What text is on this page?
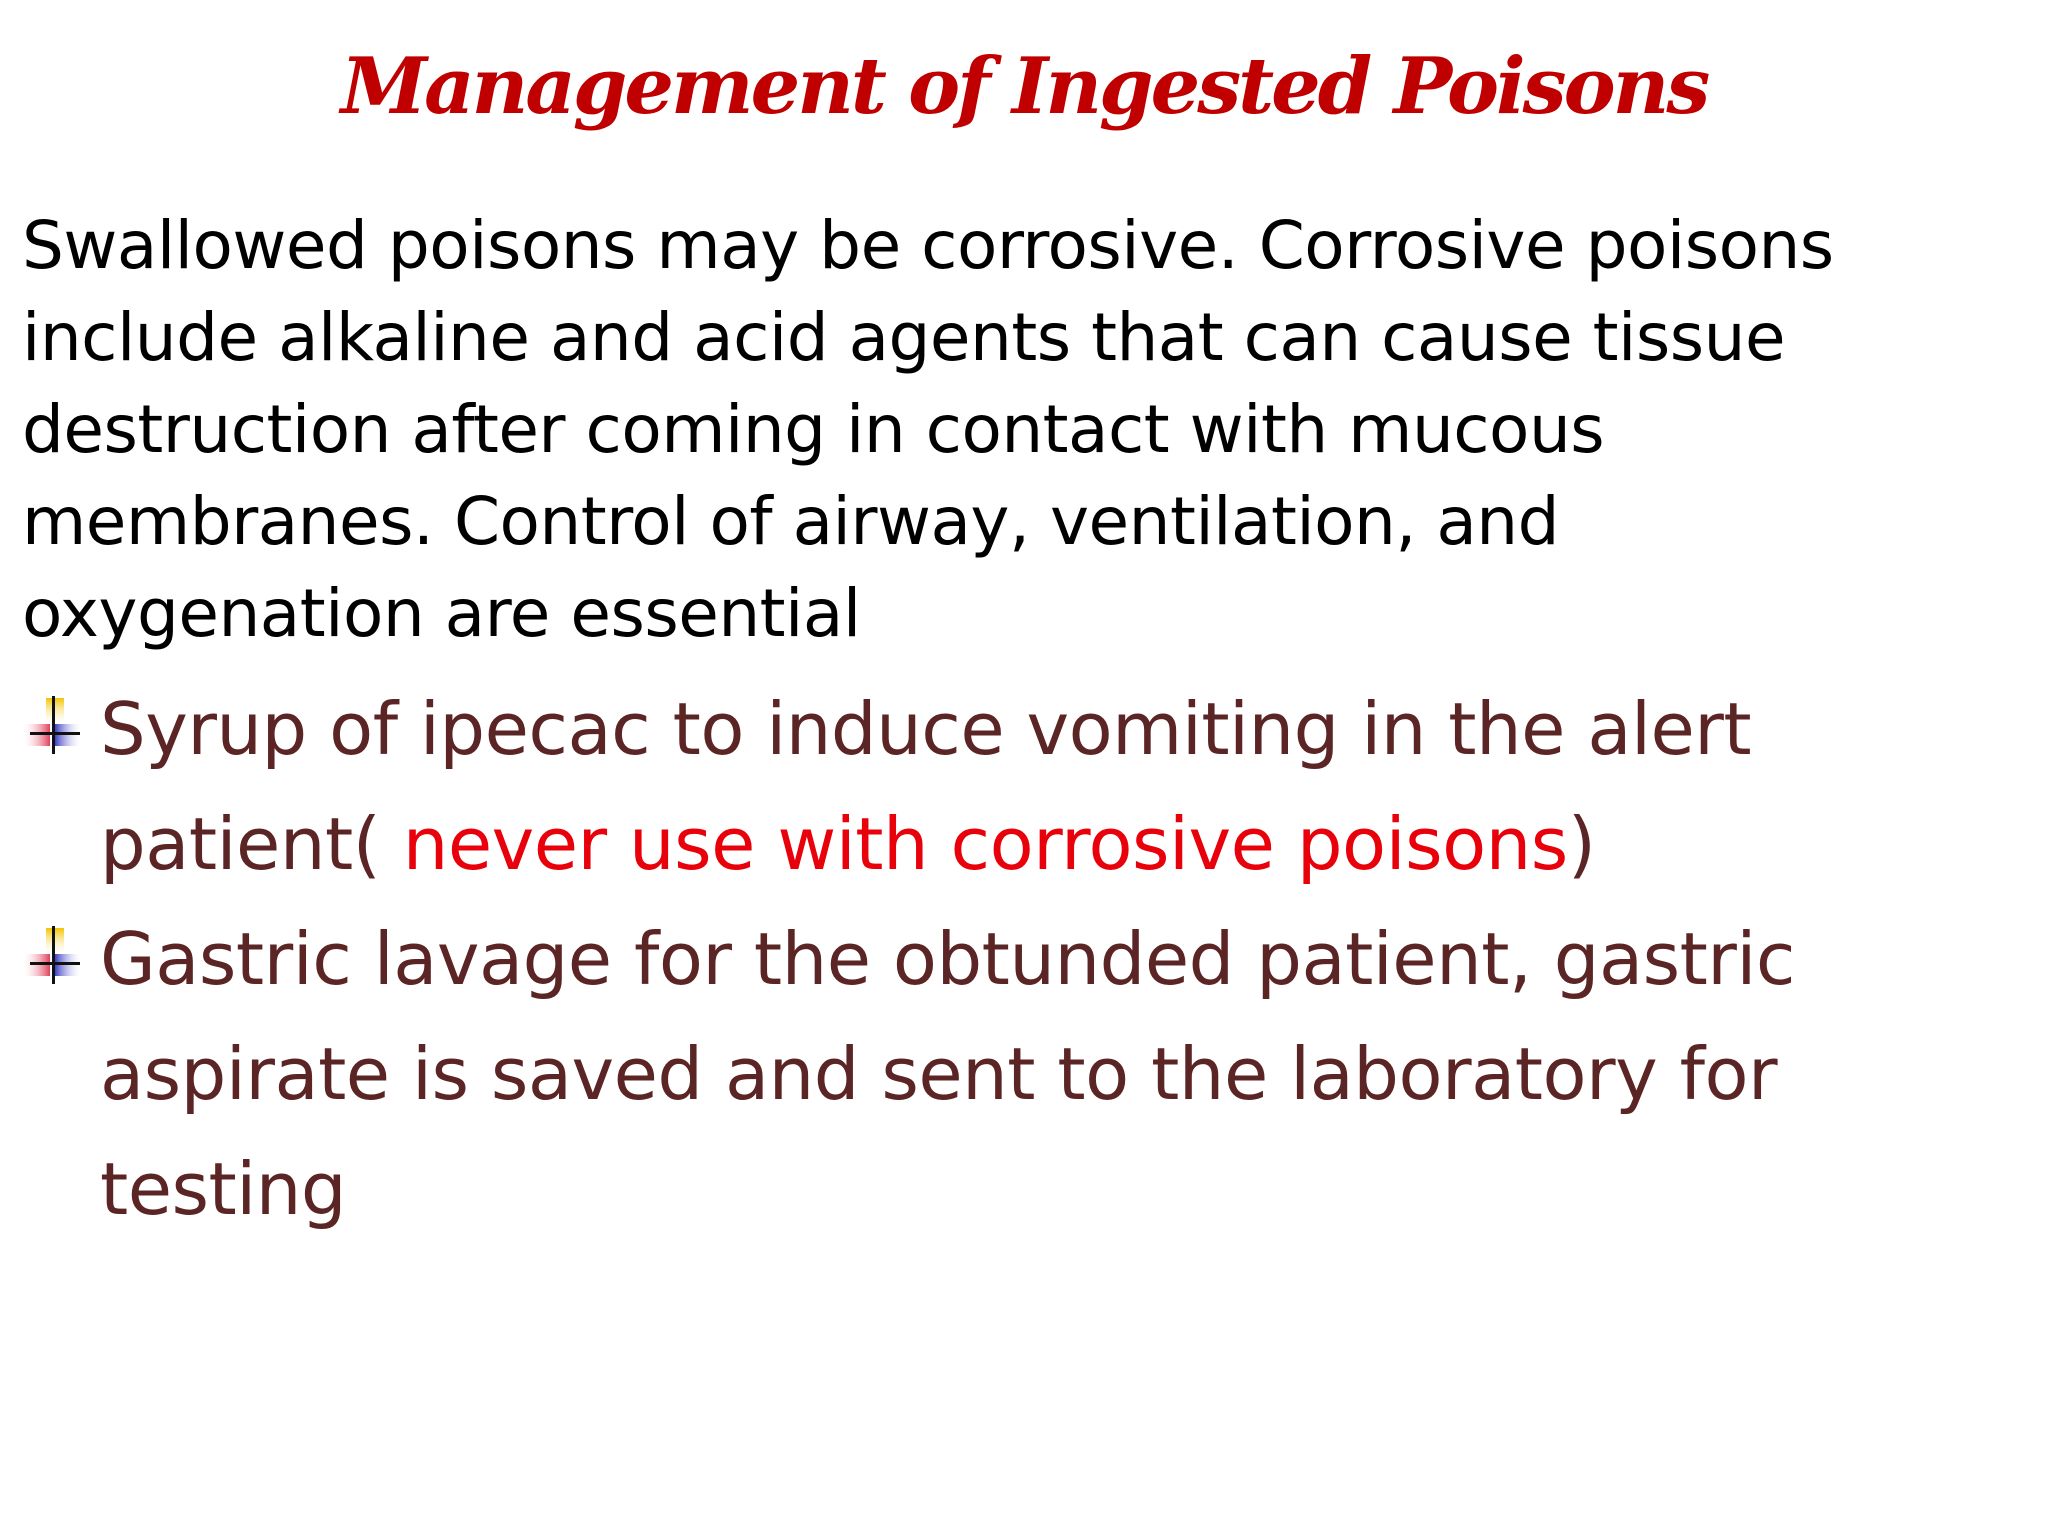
Management of Ingested Poisons
Swallowed poisons may be corrosive. Corrosive poisons
include alkaline and acid agents that can cause tissue
destruction after coming in contact with mucous
membranes. Control of airway, ventilation, and
oxygenation are essential
Syrup of ipecac to induce vomiting in the alert
patient( never use with corrosive poisons)
Gastric lavage for the obtunded patient, gastric
aspirate is saved and sent to the laboratory for
testing
